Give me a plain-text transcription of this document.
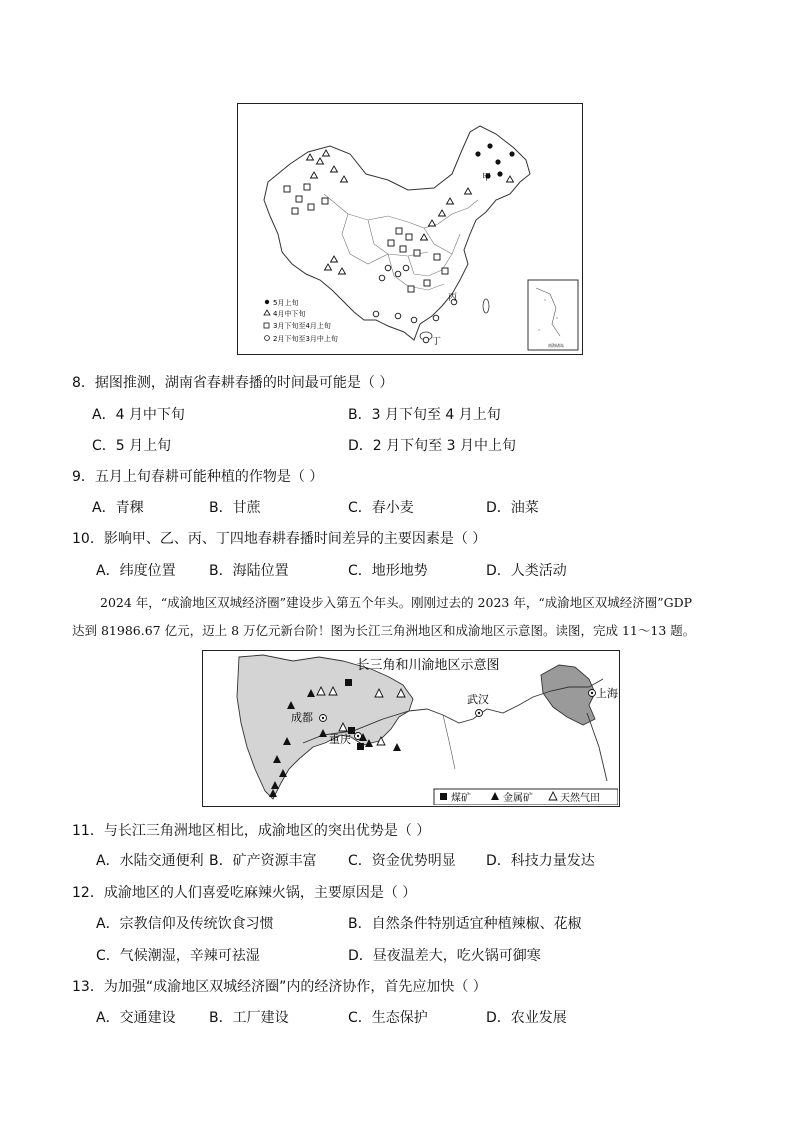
甲
丙
丁	南海诸岛
5月上旬
4月中下旬
3月下旬至4月上旬
2月下旬至3月中上旬
8．据图推测，湖南省春耕春播的时间最可能是（ ）
A．4 月中下旬	B．3 月下旬至 4 月上旬
C．5 月上旬	D．2 月下旬至 3 月中上旬
9．五月上旬春耕可能种植的作物是（ ）
A．青稞	B．甘蔗	C．春小麦	D．油菜
10．影响甲、乙、丙、丁四地春耕春播时间差异的主要因素是（ ）
A．纬度位置 B．海陆位置	C．地形地势	D．人类活动
2024 年，“成渝地区双城经济圈”建设步入第五个年头。刚刚过去的 2023 年，“成渝地区双城经济圈”GDP
达到 81986.67 亿元，迈上 8 万亿元新台阶！图为长江三角洲地区和成渝地区示意图。读图，完成 11～13 题。
长三角和川渝地区示意图
成都
重庆
武汉	上海
煤矿	金属矿	天然气田
11．与长江三角洲地区相比，成渝地区的突出优势是（ ）
A．水陆交通便利 B．矿产资源丰富 C．资金优势明显 D．科技力量发达
12．成渝地区的人们喜爱吃麻辣火锅，主要原因是（ ）
A．宗教信仰及传统饮食习惯	B．自然条件特别适宜种植辣椒、花椒
C．气候潮湿，辛辣可祛湿	D．昼夜温差大，吃火锅可御寒
13．为加强“成渝地区双城经济圈”内的经济协作，首先应加快（ ）
A．交通建设 B．工厂建设	C．生态保护	D．农业发展
